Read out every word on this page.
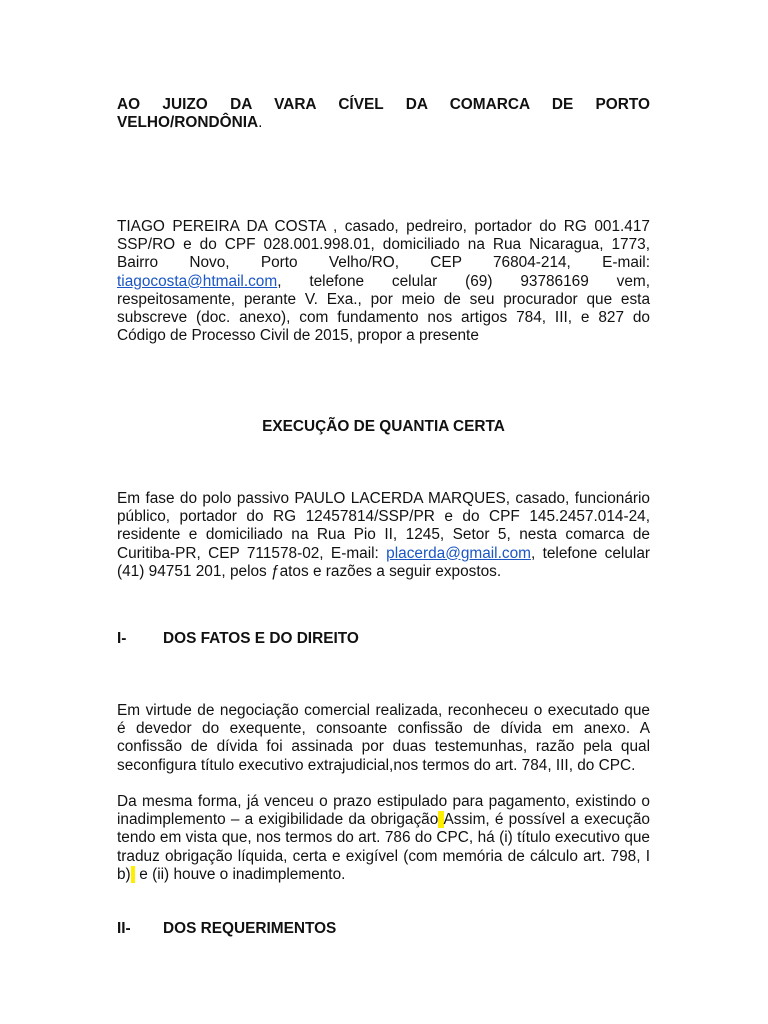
AO JUIZO DA VARA CÍVEL DA COMARCA DE PORTO
VELHO/RONDÔNIA.

TIAGO PEREIRA DA COSTA , casado, pedreiro, portador do RG 001.417 SSP/RO e do CPF 028.001.998.01, domiciliado na Rua Nicaragua, 1773, Bairro Novo, Porto Velho/RO, CEP 76804-214, E-mail: tiagocosta@htmail.com, telefone celular (69) 93786169 vem, respeitosamente, perante V. Exa., por meio de seu procurador que esta subscreve (doc. anexo), com fundamento nos artigos 784, III, e 827 do Código de Processo Civil de 2015, propor a presente

EXECUÇÃO DE QUANTIA CERTA

Em fase do polo passivo PAULO LACERDA MARQUES, casado, funcionário público, portador do RG 12457814/SSP/PR e do CPF 145.2457.014-24, residente e domiciliado na Rua Pio II, 1245, Setor 5, nesta comarca de Curitiba-PR, CEP 711578-02, E-mail: placerda@gmail.com, telefone celular (41) 94751 201, pelos ƒatos e razões a seguir expostos.

I- DOS FATOS E DO DIREITO

Em virtude de negociação comercial realizada, reconheceu o executado que é devedor do exequente, consoante confissão de dívida em anexo. A confissão de dívida foi assinada por duas testemunhas, razão pela qual seconfigura título executivo extrajudicial,nos termos do art. 784, III, do CPC.

Da mesma forma, já venceu o prazo estipulado para pagamento, existindo o inadimplemento – a exigibilidade da obrigação Assim, é possível a execução tendo em vista que, nos termos do art. 786 do CPC, há (i) título executivo que traduz obrigação líquida, certa e exigível (com memória de cálculo art. 798, I b)  e (ii) houve o inadimplemento.

II- DOS REQUERIMENTOS
